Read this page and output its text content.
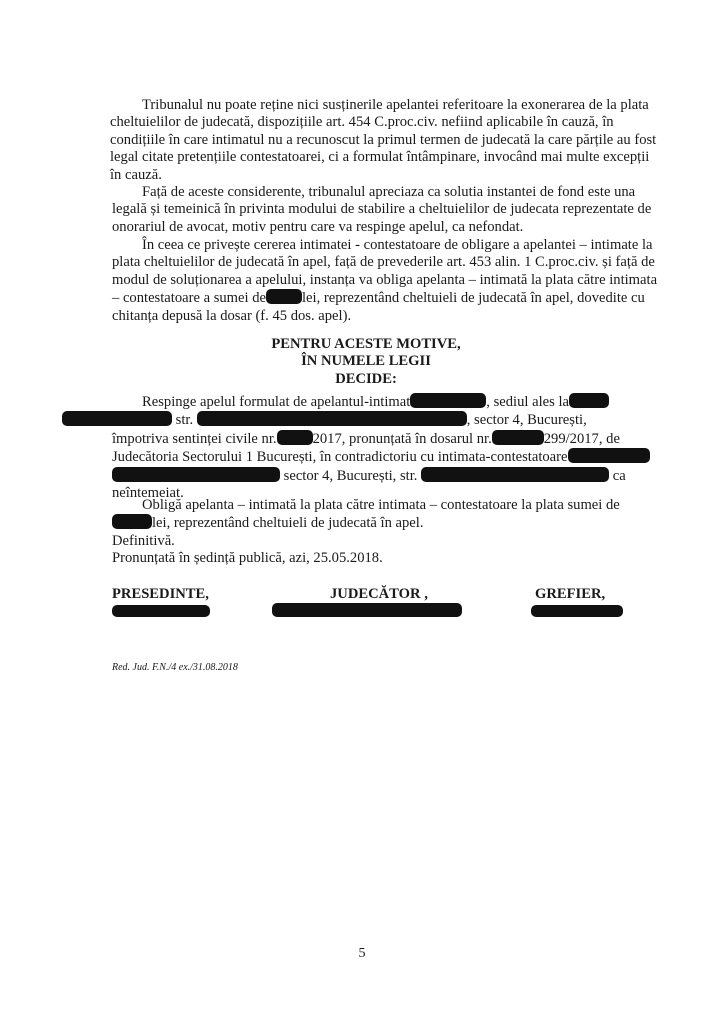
Tribunalul nu poate reține nici susținerile apelantei referitoare la exonerarea de la plata
cheltuielilor de judecată, dispozițiile art. 454 C.proc.civ. nefiind aplicabile în cauză, în
condițiile în care intimatul nu a recunoscut la primul termen de judecată la care părțile au fost
legal citate pretențiile contestatoarei, ci a formulat întâmpinare, invocând mai multe excepții
în cauză.
Față de aceste considerente, tribunalul apreciaza ca solutia instantei de fond este una
legală și temeinică în privinta modului de stabilire a cheltuielilor de judecata reprezentate de
onorariul de avocat, motiv pentru care va respinge apelul, ca nefondat.
În ceea ce privește cererea intimatei - contestatoare de obligare a apelantei – intimate la
plata cheltuielilor de judecată în apel, față de prevederile art. 453 alin. 1 C.proc.civ. și față de
modul de soluționarea a apelului, instanța va obliga apelanta – intimată la plata către intimata
– contestatoare a sumei de lei, reprezentând cheltuieli de judecată în apel, dovedite cu
chitanța depusă la dosar (f. 45 dos. apel).
PENTRU ACESTE MOTIVE,
ÎN NUMELE LEGII
DECIDE:
Respinge apelul formulat de apelantul-intimat	, sediul ales la
str.	, sector 4, București,
împotriva sentinței civile nr. 2017, pronunțată în dosarul nr.	299/2017, de
Judecătoria Sectorului 1 București, în contradictoriu cu intimata-contestatoare
sector 4, București, str.	ca
neîntemeiat.
Obligă apelanta – intimată la plata către intimata – contestatoare la plata sumei de
lei, reprezentând cheltuieli de judecată în apel.
Definitivă.
Pronunțată în ședință publică, azi, 25.05.2018.
PRESEDINTE,	JUDECĂTOR ,	GREFIER,
Red. Jud. F.N./4 ex./31.08.2018
5
